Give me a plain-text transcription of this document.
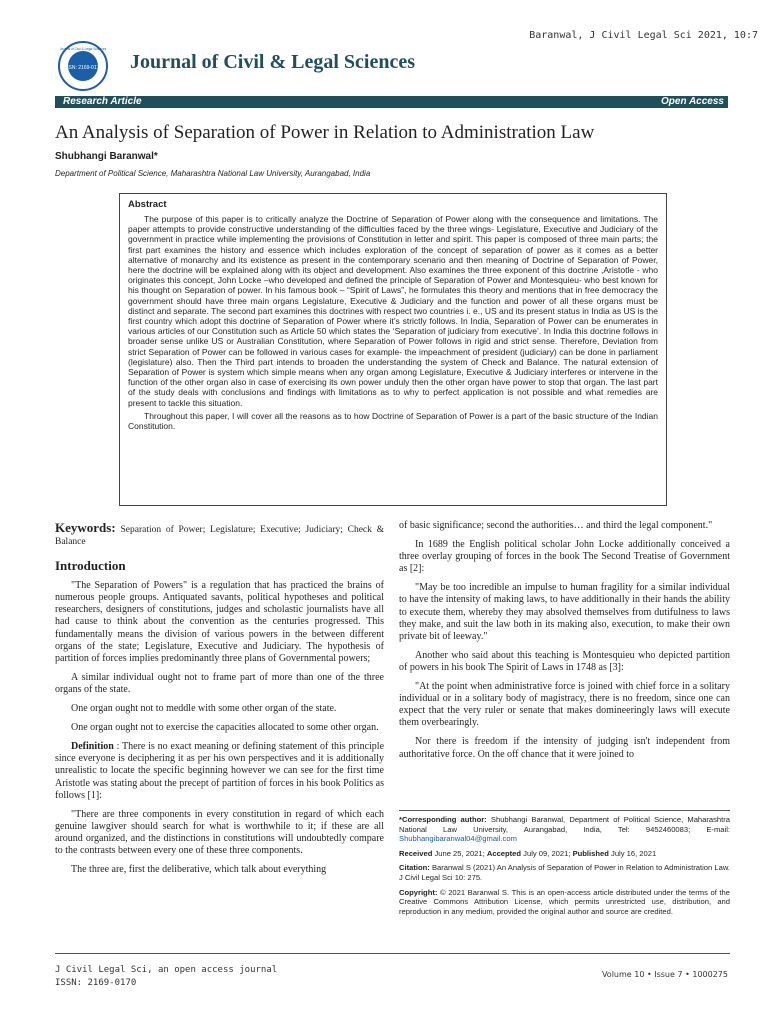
Baranwal, J Civil Legal Sci 2021, 10:7
ISSN: 2169-0170
Journal of Civil & Legal Sciences
Journal of Civil & Legal Sciences
Research Article	Open Access
An Analysis of Separation of Power in Relation to Administration Law
Shubhangi Baranwal*
Department of Political Science, Maharashtra National Law University, Aurangabad, India
Abstract

The purpose of this paper is to critically analyze the Doctrine of Separation of Power along with the consequence and limitations. The paper attempts to provide constructive understanding of the difficulties faced by the three wings- Legislature, Executive and Judiciary of the government in practice while implementing the provisions of Constitution in letter and spirit. This paper is composed of three main parts; the first part examines the history and essence which includes exploration of the concept of separation of power as it comes as a better alternative of monarchy and its existence as present in the contemporary scenario and then meaning of Doctrine of Separation of Power, here the doctrine will be explained along with its object and development. Also examines the three exponent of this doctrine ,Aristotle - who originates this concept, John Locke –who developed and defined the principle of Separation of Power and Montesquieu- who best known for his thought on Separation of power. In his famous book – “Spirit of Laws”, he formulates this theory and mentions that in free democracy the government should have three main organs Legislature, Executive & Judiciary and the function and power of all these organs must be distinct and separate. The second part examines this doctrines with respect two countries i. e., US and its present status in India as US is the first country which adopt this doctrine of Separation of Power where it’s strictly follows. In India, Separation of Power can be enumerates in various articles of our Constitution such as Article 50 which states the ‘Separation of judiciary from executive’. In India this doctrine follows in broader sense unlike US or Australian Constitution, where Separation of Power follows in rigid and strict sense. Therefore, Deviation from strict Separation of Power can be followed in various cases for example- the impeachment of president (judiciary) can be done in parliament (legislature) also. Then the Third part intends to broaden the understanding the system of Check and Balance. The natural extension of Separation of Power is system which simple means when any organ among Legislature, Executive & Judiciary interferes or intervene in the function of the other organ also in case of exercising its own power unduly then the other organ have power to stop that organ. The last part of the study deals with conclusions and findings with limitations as to why to perfect application is not possible and what remedies are present to tackle this situation.

Throughout this paper, I will cover all the reasons as to how Doctrine of Separation of Power is a part of the basic structure of the Indian Constitution.

Keywords: Separation of Power; Legislature; Executive; Judiciary; Check & Balance

Introduction

"The Separation of Powers" is a regulation that has practiced the brains of numerous people groups. Antiquated savants, political hypotheses and political researchers, designers of constitutions, judges and scholastic journalists have all had cause to think about the convention as the centuries progressed. This fundamentally means the division of various powers in the between different organs of the state; Legislature, Executive and Judiciary. The hypothesis of partition of forces implies predominantly three plans of Governmental powers;

A similar individual ought not to frame part of more than one of the three organs of the state.

One organ ought not to meddle with some other organ of the state.

One organ ought not to exercise the capacities allocated to some other organ.

Definition : There is no exact meaning or defining statement of this principle since everyone is deciphering it as per his own perspectives and it is additionally unrealistic to locate the specific beginning however we can see for the first time Aristotle was stating about the precept of partition of forces in his book Politics as follows [1]:

"There are three components in every constitution in regard of which each genuine lawgiver should search for what is worthwhile to it; if these are all around organized, and the distinctions in constitutions will undoubtedly compare to the contrasts between every one of these three components.

The three are, first the deliberative, which talk about everything

of basic significance; second the authorities… and third the legal component."

In 1689 the English political scholar John Locke additionally conceived a three overlay grouping of forces in the book The Second Treatise of Government as [2]:

"May be too incredible an impulse to human fragility for a similar individual to have the intensity of making laws, to have additionally in their hands the ability to execute them, whereby they may absolved themselves from dutifulness to laws they make, and suit the law both in its making also, execution, to make their own private bit of leeway."

Another who said about this teaching is Montesquieu who depicted partition of powers in his book The Spirit of Laws in 1748 as [3]:

"At the point when administrative force is joined with chief force in a solitary individual or in a solitary body of magistracy, there is no freedom, since one can expect that the very ruler or senate that makes domineeringly laws will execute them overbearingly.

Nor there is freedom if the intensity of judging isn't independent from authoritative force. On the off chance that it were joined to

*Corresponding author: Shubhangi Baranwal, Department of Political Science, Maharashtra National Law University, Aurangabad, India, Tel: 9452460083; E-mail: Shubhangibaranwal04@gmail.com

Received June 25, 2021; Accepted July 09, 2021; Published July 16, 2021

Citation: Baranwal S (2021) An Analysis of Separation of Power in Relation to Administration Law. J Civil Legal Sci 10: 275.

Copyright: © 2021 Baranwal S. This is an open-access article distributed under the terms of the Creative Commons Attribution License, which permits unrestricted use, distribution, and reproduction in any medium, provided the original author and source are credited.

J Civil Legal Sci, an open access journal
ISSN: 2169-0170
Volume 10 • Issue 7 • 1000275
